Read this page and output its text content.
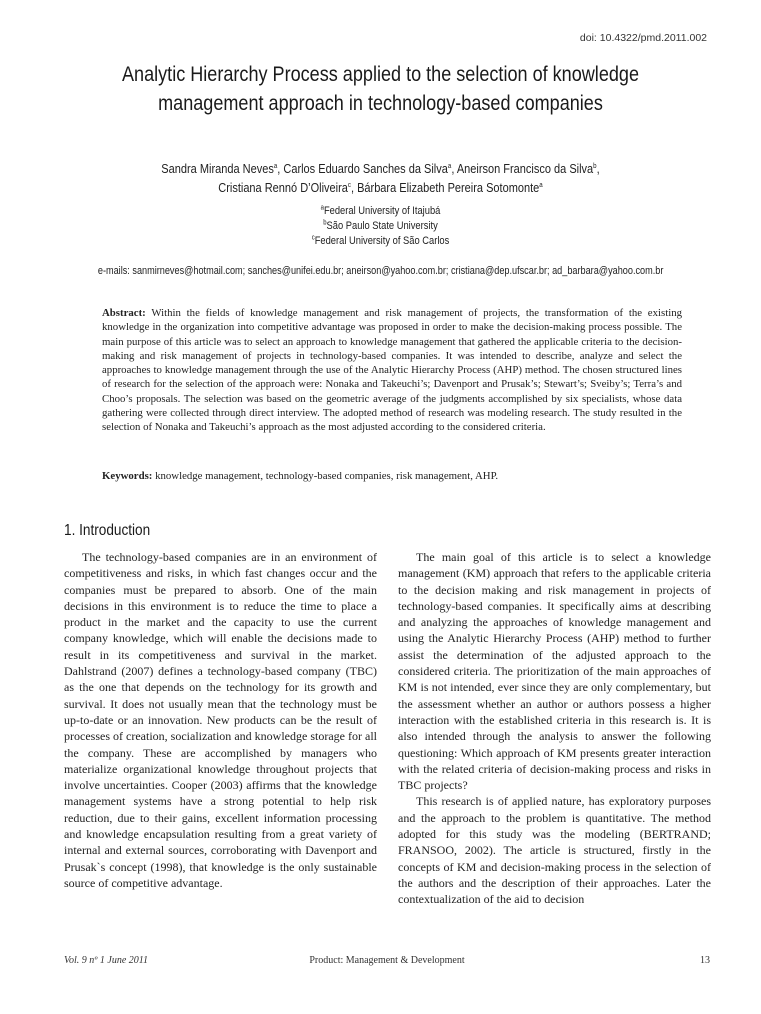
doi: 10.4322/pmd.2011.002
Analytic Hierarchy Process applied to the selection of knowledge
management approach in technology-based companies
Sandra Miranda Neves$^a$, Carlos Eduardo Sanches da Silva$^a$, Aneirson Francisco da Silva$^b$,
Cristiana Rennó D’Oliveira$^c$, Bárbara Elizabeth Pereira Sotomonte$^a$
$^a$Federal University of Itajubá
$^b$São Paulo State University
$^c$Federal University of São Carlos
e-mails: sanmirneves@hotmail.com; sanches@unifei.edu.br; aneirson@yahoo.com.br; cristiana@dep.ufscar.br; ad_barbara@yahoo.com.br
Abstract: Within the fields of knowledge management and risk management of projects, the transformation of the existing knowledge in the organization into competitive advantage was proposed in order to make the decision-making process possible. The main purpose of this article was to select an approach to knowledge management that gathered the applicable criteria to the decision-making and risk management of projects in technology-based companies. It was intended to describe, analyze and select the approaches to knowledge management through the use of the Analytic Hierarchy Process (AHP) method. The chosen structured lines of research for the selection of the approach were: Nonaka and Takeuchi’s; Davenport and Prusak’s; Stewart’s; Sveiby’s; Terra’s and Choo’s proposals. The selection was based on the geometric average of the judgments accomplished by six specialists, whose data gathering were collected through direct interview. The adopted method of research was modeling research. The study resulted in the selection of Nonaka and Takeuchi’s approach as the most adjusted according to the considered criteria.
Keywords: knowledge management, technology-based companies, risk management, AHP.
1. Introduction

The technology-based companies are in an environment of competitiveness and risks, in which fast changes occur and the companies must be prepared to absorb. One of the main decisions in this environment is to reduce the time to place a product in the market and the capacity to use the current company knowledge, which will enable the decisions made to result in its competitiveness and survival in the market. Dahlstrand (2007) defines a technology-based company (TBC) as the one that depends on the technology for its growth and survival. It does not usually mean that the technology must be up-to-date or an innovation. New products can be the result of processes of creation, socialization and knowledge storage for all the company. These are accomplished by managers who materialize organizational knowledge throughout projects that involve uncertainties. Cooper (2003) affirms that the knowledge management systems have a strong potential to help risk reduction, due to their gains, excellent information processing and knowledge encapsulation resulting from a great variety of internal and external sources, corroborating with Davenport and Prusak`s concept (1998), that knowledge is the only sustainable source of competitive advantage.

The main goal of this article is to select a knowledge management (KM) approach that refers to the applicable criteria to the decision making and risk management in projects of technology-based companies. It specifically aims at describing and analyzing the approaches of knowledge management and using the Analytic Hierarchy Process (AHP) method to further assist the determination of the adjusted approach to the considered criteria. The prioritization of the main approaches of KM is not intended, ever since they are only complementary, but the assessment whether an author or authors possess a higher interaction with the established criteria in this research is. It is also intended through the analysis to answer the following questioning: Which approach of KM presents greater interaction with the related criteria of decision-making process and risks in TBC projects?

This research is of applied nature, has exploratory purposes and the approach to the problem is quantitative. The method adopted for this study was the modeling (BERTRAND; FRANSOO, 2002). The article is structured, firstly in the concepts of KM and decision-making process in the selection of the authors and the description of their approaches. Later the contextualization of the aid to decision

Vol. 9 nº 1 June 2011	Product: Management & Development	13
